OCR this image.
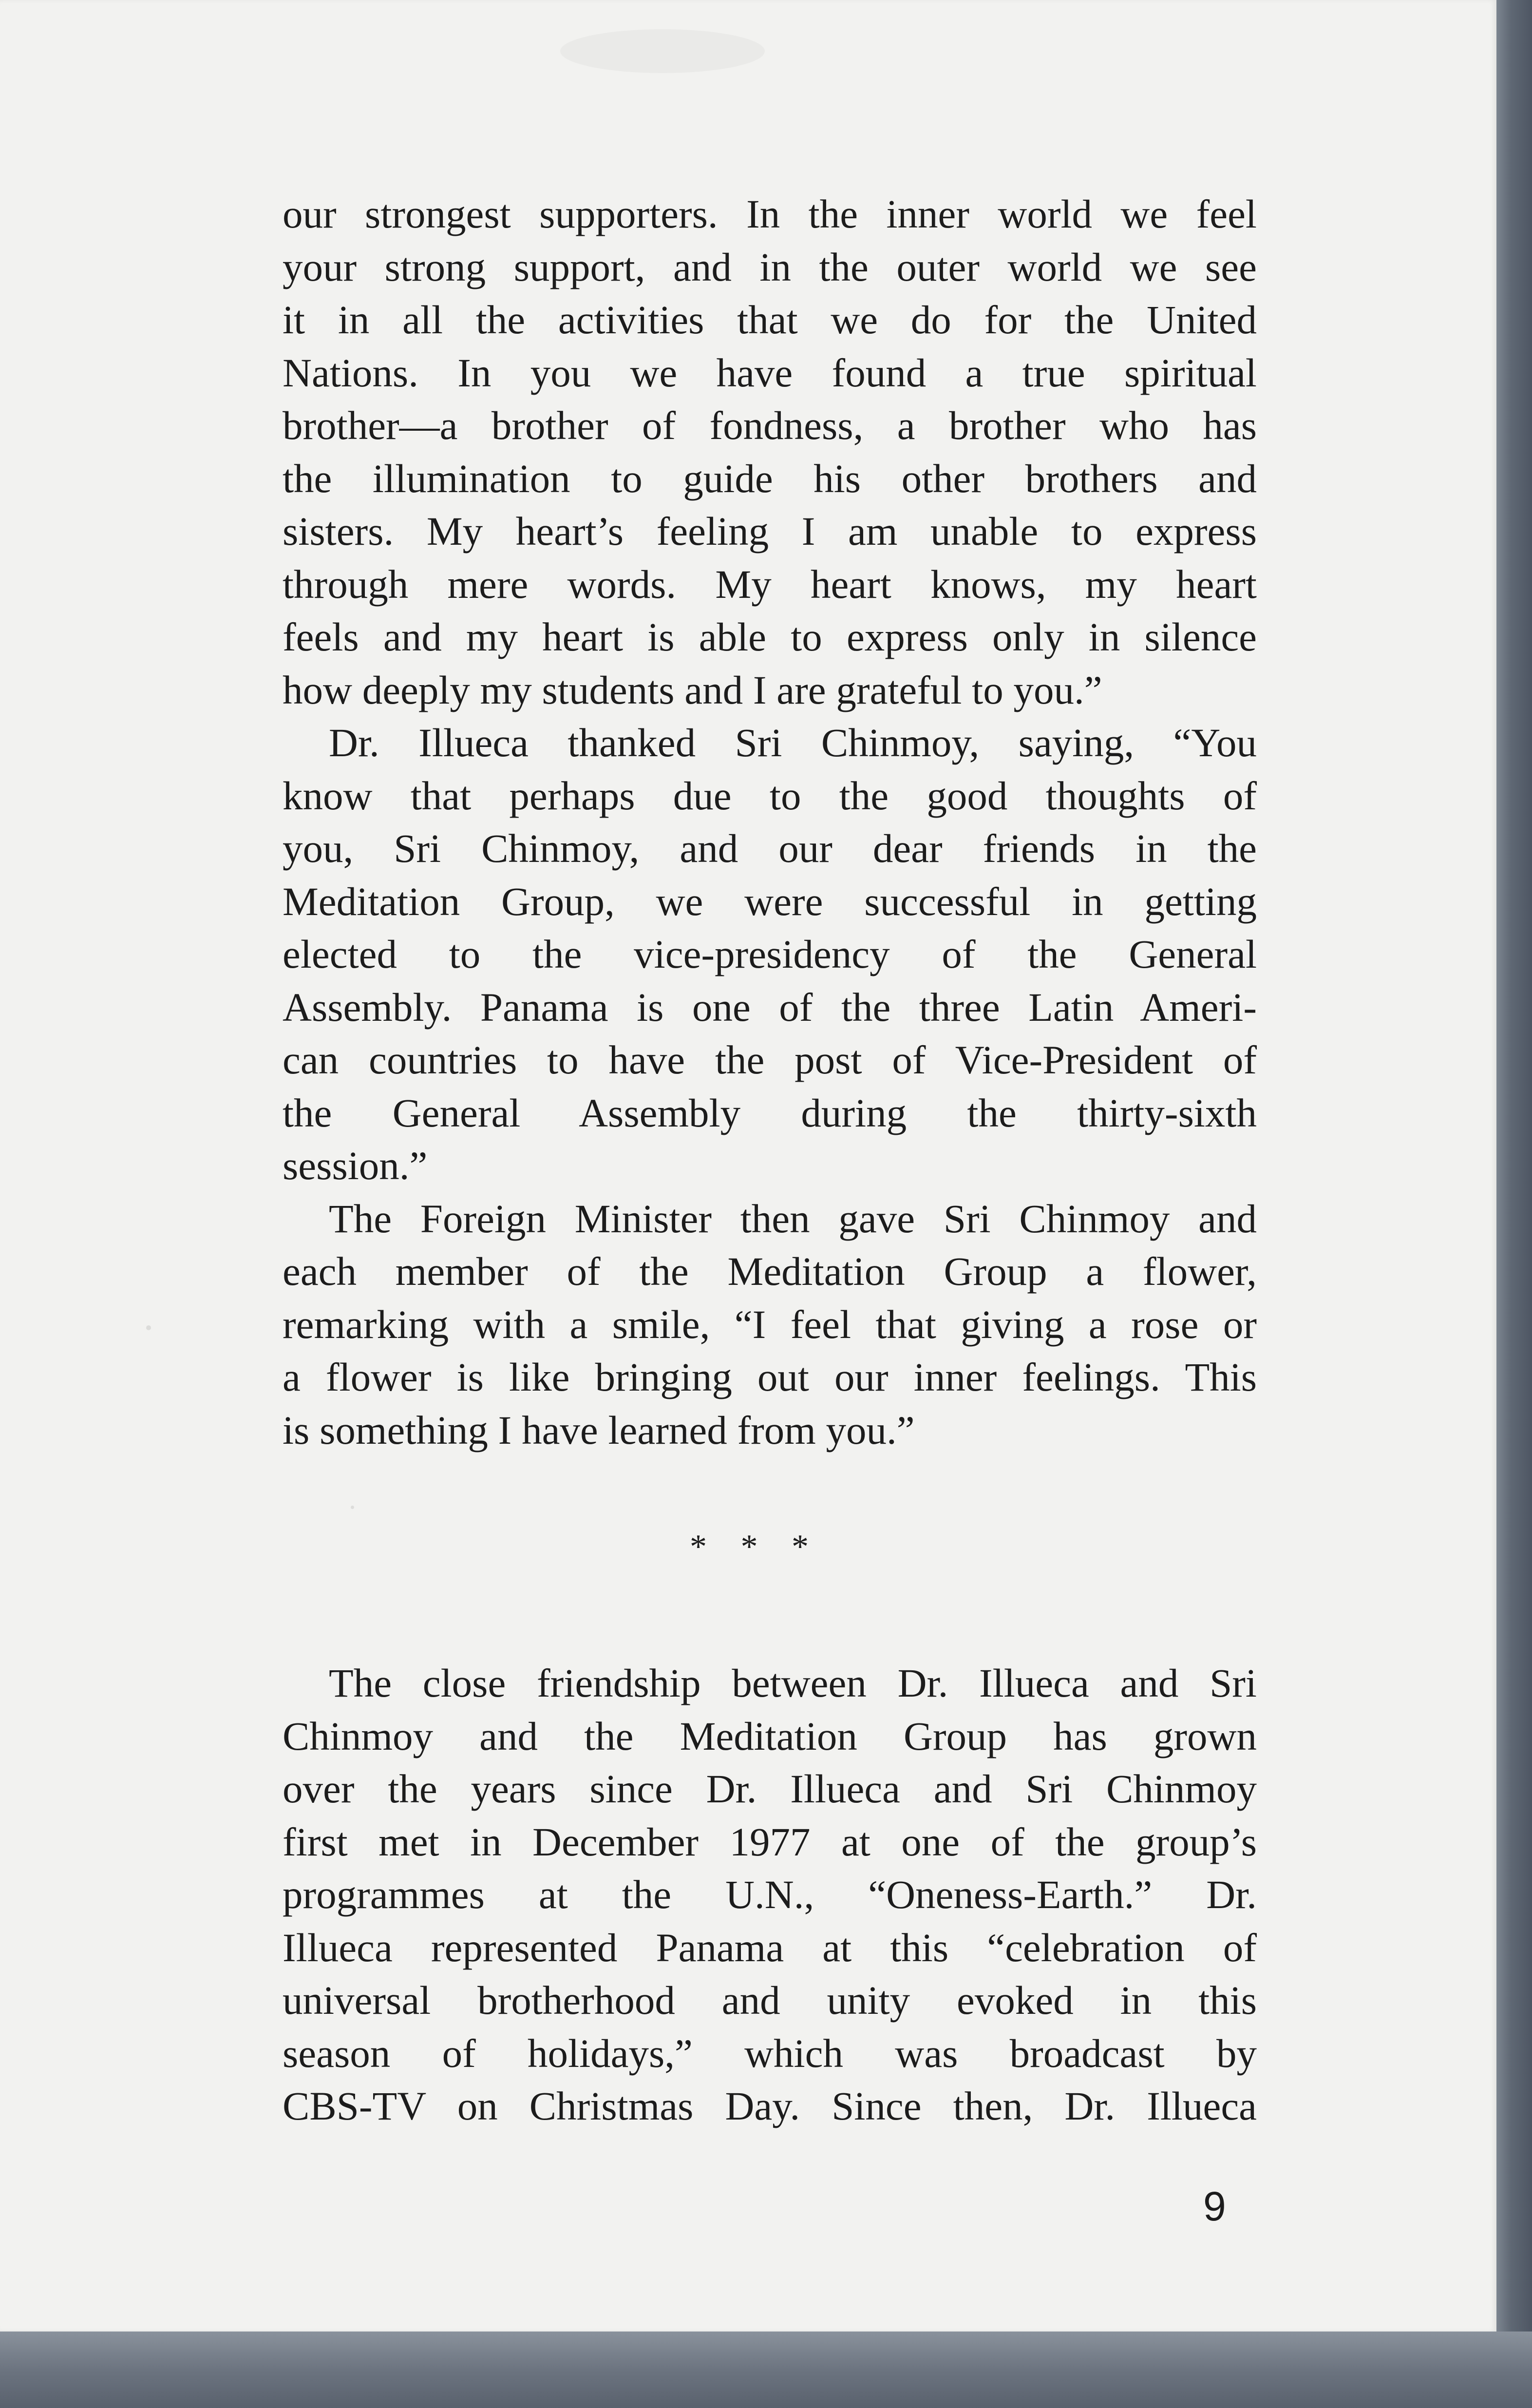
our strongest supporters. In the inner world we feel
your strong support, and in the outer world we see
it in all the activities that we do for the United
Nations. In you we have found a true spiritual
brother—a brother of fondness, a brother who has
the illumination to guide his other brothers and
sisters. My heart’s feeling I am unable to express
through mere words. My heart knows, my heart
feels and my heart is able to express only in silence
how deeply my students and I are grateful to you.”
Dr. Illueca thanked Sri Chinmoy, saying, “You
know that perhaps due to the good thoughts of
you, Sri Chinmoy, and our dear friends in the
Meditation Group, we were successful in getting
elected to the vice-presidency of the General
Assembly. Panama is one of the three Latin Ameri-
can countries to have the post of Vice-President of
the General Assembly during the thirty-sixth
session.”
The Foreign Minister then gave Sri Chinmoy and
each member of the Meditation Group a flower,
remarking with a smile, “I feel that giving a rose or
a flower is like bringing out our inner feelings. This
is something I have learned from you.”
* * *
The close friendship between Dr. Illueca and Sri
Chinmoy and the Meditation Group has grown
over the years since Dr. Illueca and Sri Chinmoy
first met in December 1977 at one of the group’s
programmes at the U.N., “Oneness-Earth.” Dr.
Illueca represented Panama at this “celebration of
universal brotherhood and unity evoked in this
season of holidays,” which was broadcast by
CBS-TV on Christmas Day. Since then, Dr. Illueca
9
